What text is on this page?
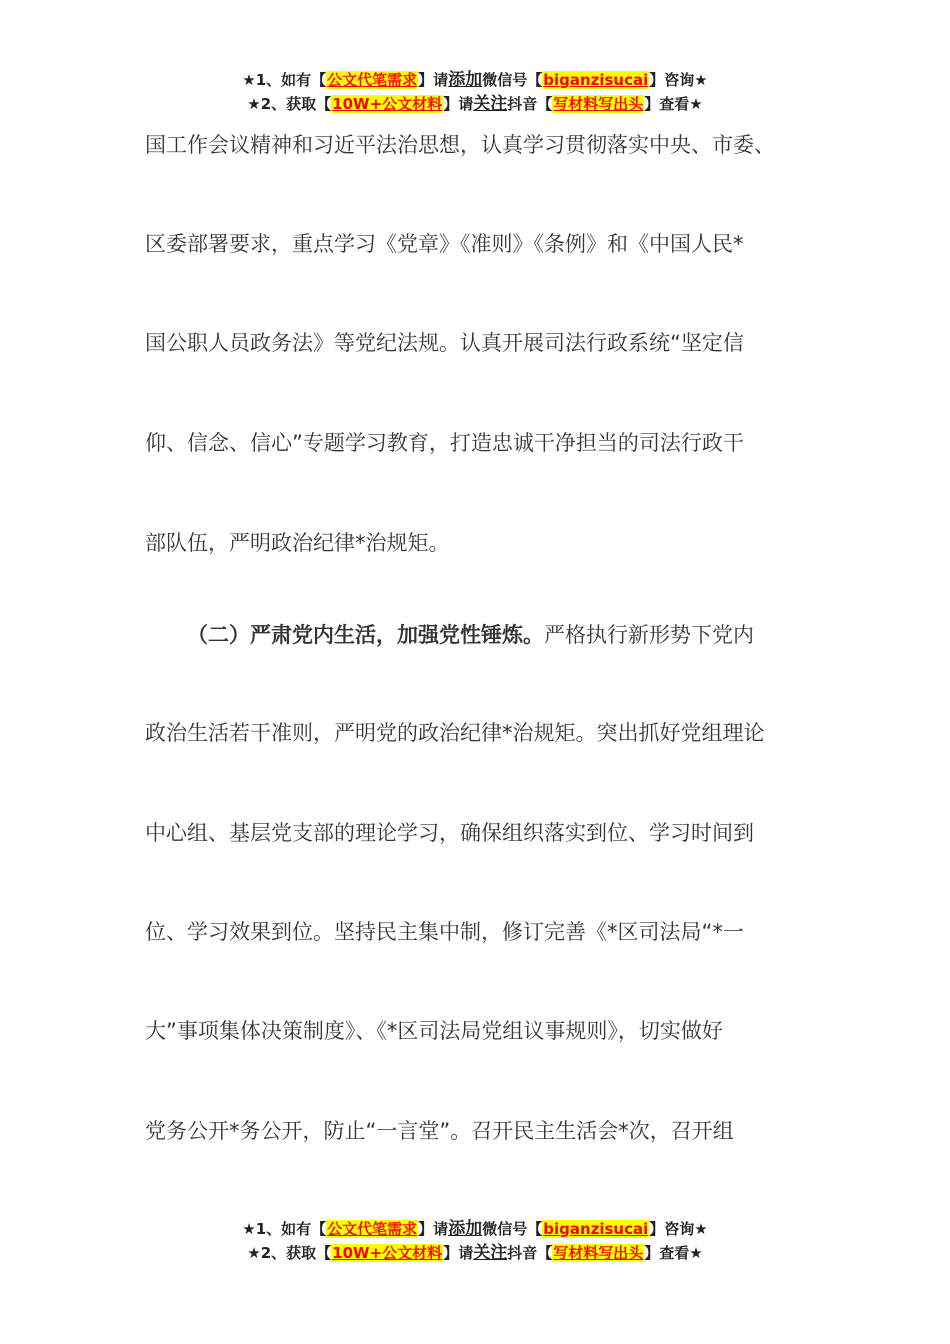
★1、如有【公文代笔需求】请添加微信号【biganzisucai】咨询★
★2、获取【10W+公文材料】请关注抖音【写材料写出头】查看★
国工作会议精神和习近平法治思想，认真学习贯彻落实中央、市委、
区委部署要求，重点学习《党章》《准则》《条例》和《中国人民*
国公职人员政务法》等党纪法规。认真开展司法行政系统“坚定信
仰、信念、信心”专题学习教育，打造忠诚干净担当的司法行政干
部队伍，严明政治纪律*治规矩。
（二）严肃党内生活，加强党性锤炼。严格执行新形势下党内
政治生活若干准则，严明党的政治纪律*治规矩。突出抓好党组理论
中心组、基层党支部的理论学习，确保组织落实到位、学习时间到
位、学习效果到位。坚持民主集中制，修订完善《*区司法局“*一
大”事项集体决策制度》、《*区司法局党组议事规则》，切实做好
党务公开*务公开，防止“一言堂”。召开民主生活会*次，召开组
★1、如有【公文代笔需求】请添加微信号【biganzisucai】咨询★
★2、获取【10W+公文材料】请关注抖音【写材料写出头】查看★
